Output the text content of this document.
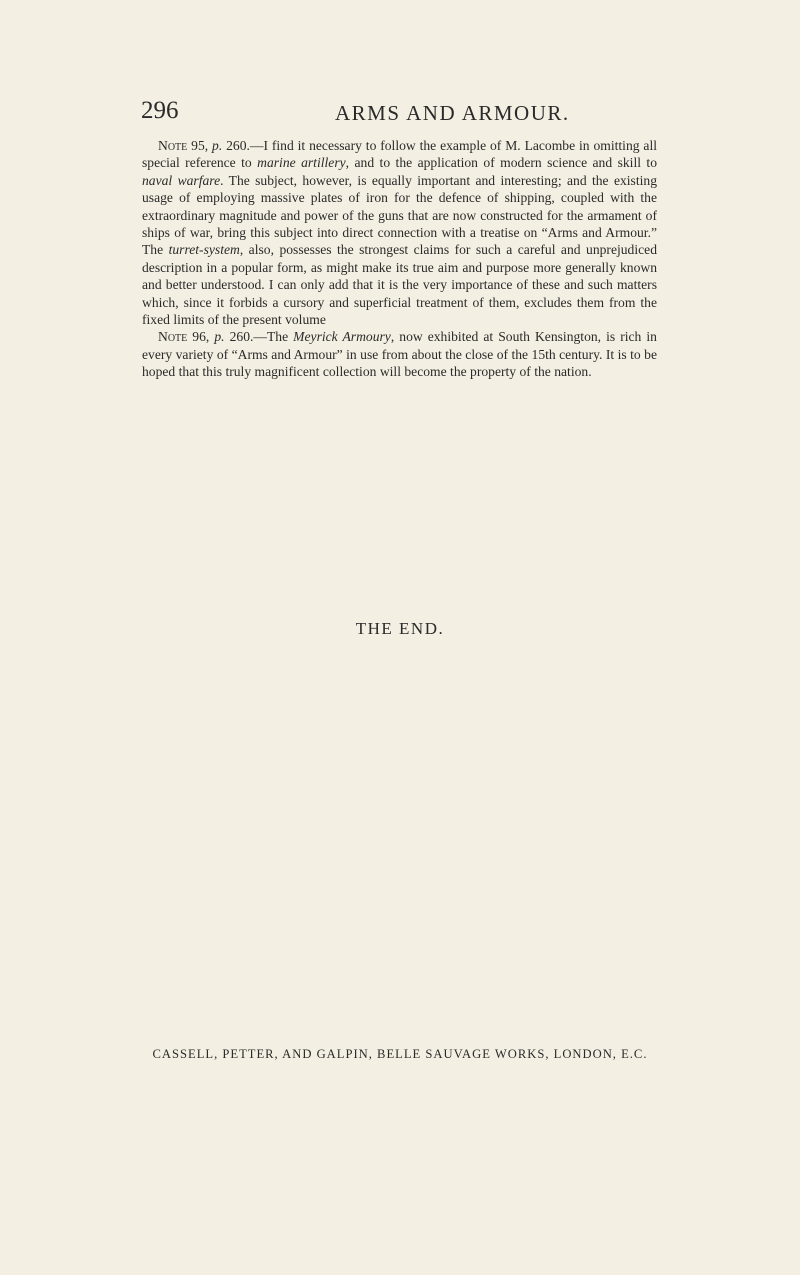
296	ARMS AND ARMOUR.

Note 95, p. 260.—I find it necessary to follow the example of M. Lacombe in omitting all special reference to marine artillery, and to the application of modern science and skill to naval warfare. The subject, however, is equally important and interesting; and the existing usage of employing massive plates of iron for the defence of shipping, coupled with the extraordinary magnitude and power of the guns that are now constructed for the armament of ships of war, bring this subject into direct connection with a treatise on “Arms and Armour.” The turret-system, also, possesses the strongest claims for such a careful and unprejudiced description in a popular form, as might make its true aim and purpose more generally known and better understood. I can only add that it is the very importance of these and such matters which, since it forbids a cursory and superficial treatment of them, excludes them from the fixed limits of the present volume

Note 96, p. 260.—The Meyrick Armoury, now exhibited at South Kensington, is rich in every variety of “Arms and Armour” in use from about the close of the 15th century. It is to be hoped that this truly magnificent collection will become the property of the nation.

THE END.
CASSELL, PETTER, AND GALPIN, BELLE SAUVAGE WORKS, LONDON, E.C.
